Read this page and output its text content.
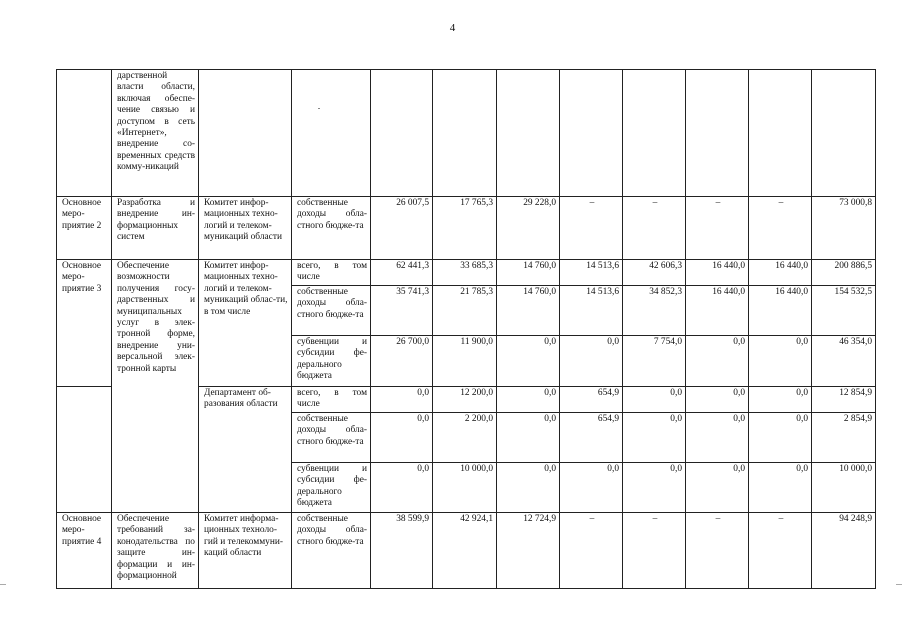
4
	дарственной власти области, включая обеспе-чение связью и доступом в сеть «Интернет», внедрение со-временных средств комму-никаций										
Основное меро-приятие 2	Разработка и внедрение ин-формационных систем	Комитет инфор-мационных техно-логий и телеком-муникаций области	собственные доходы обла-стного бюдже-та	26 007,5	17 765,3	29 228,0	–	–	–	–	73 000,8
Основное меро-приятие 3	Обеспечение возможности получения госу-дарственных и муниципальных услуг в элек-тронной форме, внедрение уни-версальной элек-тронной карты	Комитет инфор-мационных техно-логий и телеком-муникаций облас-ти, в том числе	всего, в том числе	62 441,3	33 685,3	14 760,0	14 513,6	42 606,3	16 440,0	16 440,0	200 886,5
			собственные доходы обла-стного бюдже-та	35 741,3	21 785,3	14 760,0	14 513,6	34 852,3	16 440,0	16 440,0	154 532,5
			субвенции и субсидии фе-дерального бюджета	26 700,0	11 900,0	0,0	0,0	7 754,0	0,0	0,0	46 354,0
		Департамент об-разования области	всего, в том числе	0,0	12 200,0	0,0	654,9	0,0	0,0	0,0	12 854,9
			собственные доходы обла-стного бюдже-та	0,0	2 200,0	0,0	654,9	0,0	0,0	0,0	2 854,9
			субвенции и субсидии фе-дерального бюджета	0,0	10 000,0	0,0	0,0	0,0	0,0	0,0	10 000,0
Основное меро-приятие 4	Обеспечение требований за-конодательства по защите ин-формации и ин-формационной	Комитет информа-ционных техноло-гий и телекоммуни-каций области	собственные доходы обла-стного бюдже-та	38 599,9	42 924,1	12 724,9	–	–	–	–	94 248,9
